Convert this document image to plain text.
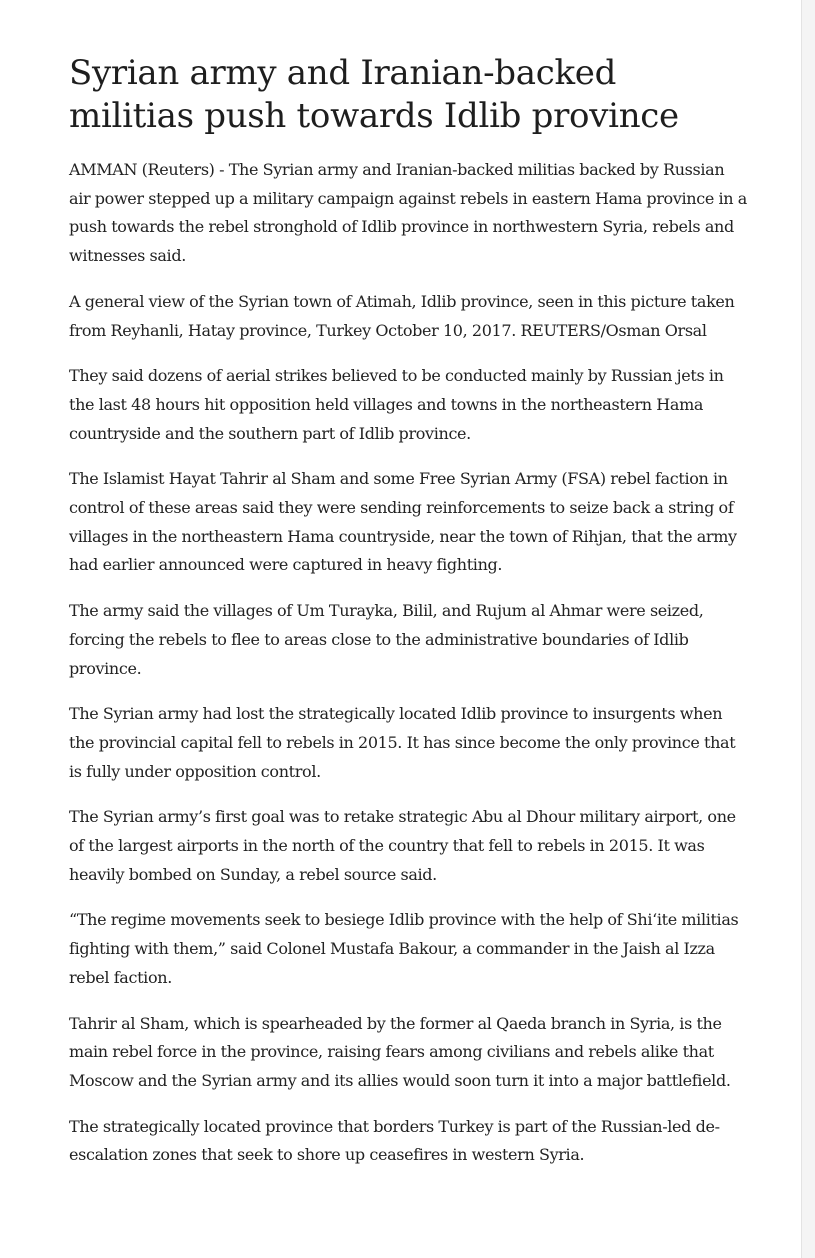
Syrian army and Iranian-backed militias push towards Idlib province

AMMAN (Reuters) - The Syrian army and Iranian-backed militias backed by Russian air power stepped up a military campaign against rebels in eastern Hama province in a push towards the rebel stronghold of Idlib province in northwestern Syria, rebels and witnesses said.

A general view of the Syrian town of Atimah, Idlib province, seen in this picture taken from Reyhanli, Hatay province, Turkey October 10, 2017. REUTERS/Osman Orsal

They said dozens of aerial strikes believed to be conducted mainly by Russian jets in the last 48 hours hit opposition held villages and towns in the northeastern Hama countryside and the southern part of Idlib province.

The Islamist Hayat Tahrir al Sham and some Free Syrian Army (FSA) rebel faction in control of these areas said they were sending reinforcements to seize back a string of villages in the northeastern Hama countryside, near the town of Rihjan, that the army had earlier announced were captured in heavy fighting.

The army said the villages of Um Turayka, Bilil, and Rujum al Ahmar were seized, forcing the rebels to flee to areas close to the administrative boundaries of Idlib province.

The Syrian army had lost the strategically located Idlib province to insurgents when the provincial capital fell to rebels in 2015. It has since become the only province that is fully under opposition control.

The Syrian army’s first goal was to retake strategic Abu al Dhour military airport, one of the largest airports in the north of the country that fell to rebels in 2015. It was heavily bombed on Sunday, a rebel source said.

“The regime movements seek to besiege Idlib province with the help of Shi‘ite militias fighting with them,” said Colonel Mustafa Bakour, a commander in the Jaish al Izza rebel faction.

Tahrir al Sham, which is spearheaded by the former al Qaeda branch in Syria, is the main rebel force in the province, raising fears among civilians and rebels alike that Moscow and the Syrian army and its allies would soon turn it into a major battlefield.

The strategically located province that borders Turkey is part of the Russian-led de-escalation zones that seek to shore up ceasefires in western Syria.
